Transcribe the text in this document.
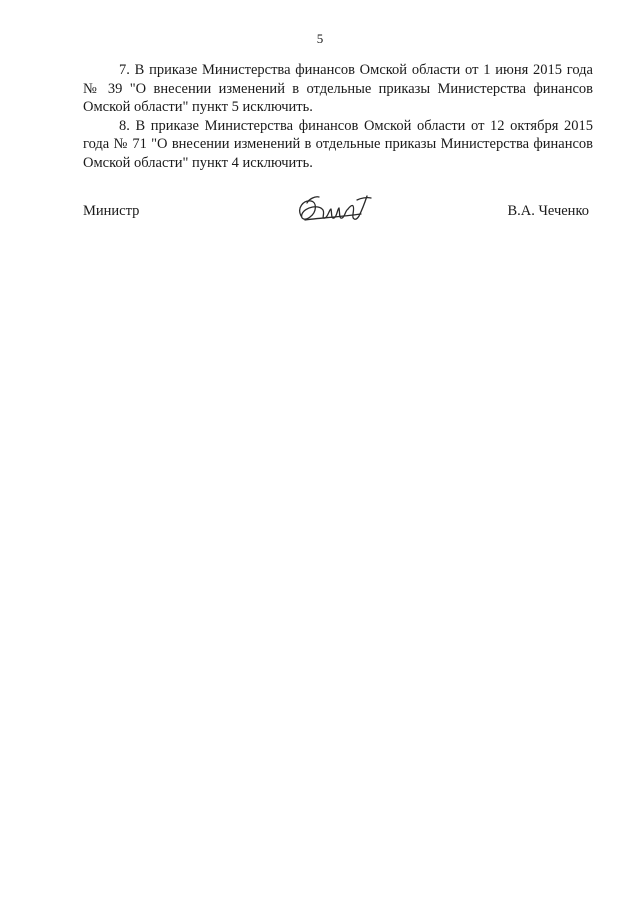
5

7. В приказе Министерства финансов Омской области от 1 июня 2015 года № 39 "О внесении изменений в отдельные приказы Министерства финансов Омской области" пункт 5 исключить.

8. В приказе Министерства финансов Омской области от 12 октября 2015 года № 71 "О внесении изменений в отдельные приказы Министерства финансов Омской области" пункт 4 исключить.

Министр	В.А. Чеченко
